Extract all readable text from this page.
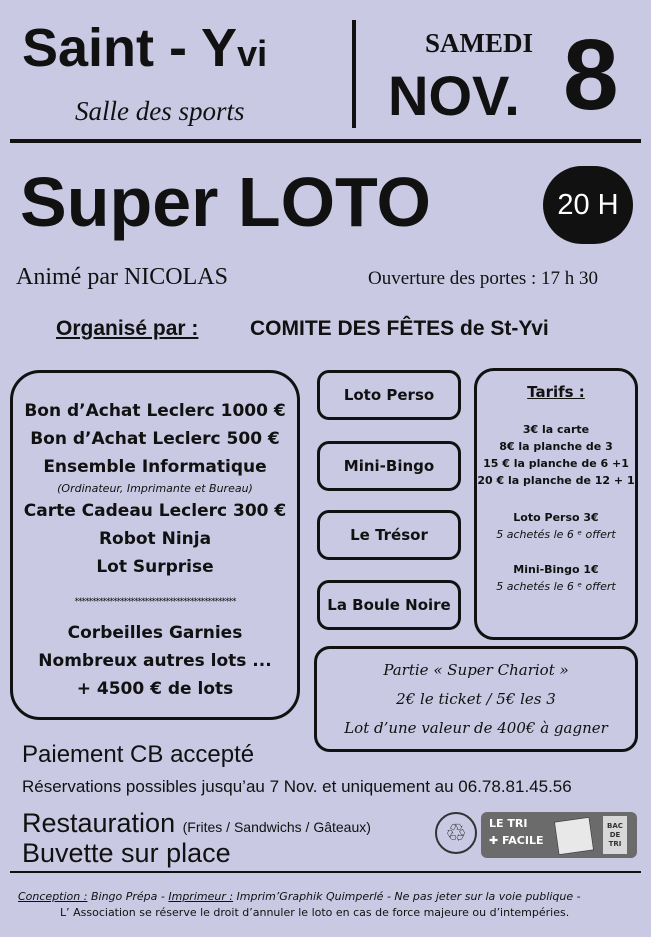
Saint - Yvi
Salle des sports
SAMEDI
NOV. 8
Super LOTO	20 H
Animé par NICOLAS	Ouverture des portes : 17 h 30
Organisé par : COMITE DES FÊTES de St-Yvi
Bon d’Achat Leclerc 1000 €
Bon d’Achat Leclerc 500 €
Ensemble Informatique
(Ordinateur, Imprimante et Bureau)
Carte Cadeau Leclerc 300 €
Robot Ninja
Lot Surprise
**********************************************
Corbeilles Garnies
Nombreux autres lots ...
+ 4500 € de lots
Loto Perso
Mini-Bingo
Le Trésor
La Boule Noire
Tarifs :
3€ la carte
8€ la planche de 3
15 € la planche de 6 +1
20 € la planche de 12 + 1
Loto Perso 3€
5 achetés le 6 ᵉ offert
Mini-Bingo 1€
5 achetés le 6 ᵉ offert
Partie « Super Chariot »
2€ le ticket / 5€ les 3
Lot d’une valeur de 400€ à gagner
Paiement CB accepté
Réservations possibles jusqu’au 7 Nov. et uniquement au 06.78.81.45.56
Restauration (Frites / Sandwichs / Gâteaux)
Buvette sur place
♲	LE TRI
✚ FACILE
BAC DE TRI
Conception : Bingo Prépa - Imprimeur : Imprim’Graphik Quimperlé - Ne pas jeter sur la voie publique -
L’ Association se réserve le droit d’annuler le loto en cas de force majeure ou d’intempéries.
